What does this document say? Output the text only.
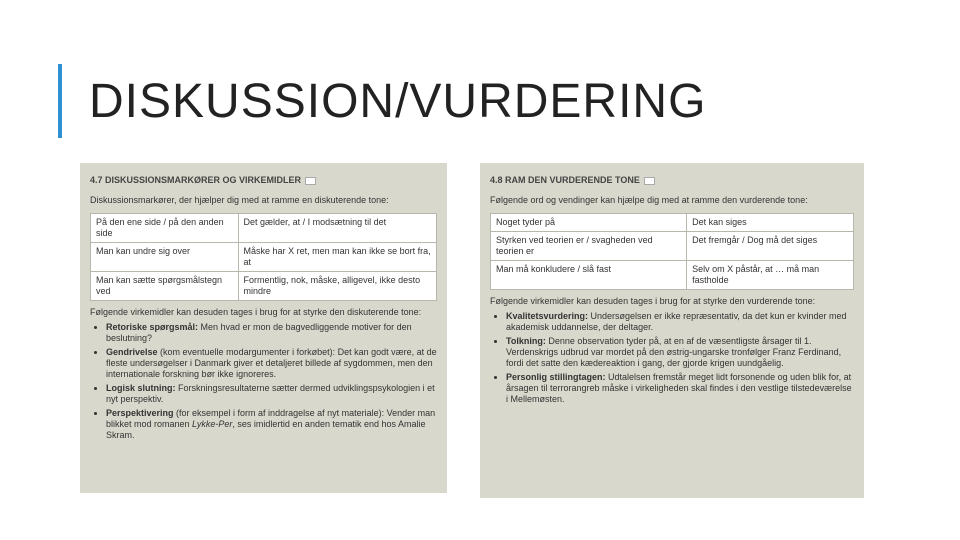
DISKUSSION/VURDERING
4.7 DISKUSSIONSMARKØRER OG VIRKEMIDLER
Diskussionsmarkører, der hjælper dig med at ramme en diskuterende tone:
På den ene side / på den anden side	Det gælder, at / I modsætning til det
Man kan undre sig over	Måske har X ret, men man kan ikke se bort fra, at
Man kan sætte spørgsmålstegn ved	Formentlig, nok, måske, alligevel, ikke desto mindre
Følgende virkemidler kan desuden tages i brug for at styrke den diskuterende tone:
• Retoriske spørgsmål: Men hvad er mon de bagvedliggende motiver for den beslutning?
• Gendrivelse (kom eventuelle modargumenter i forkøbet): Det kan godt være, at de fleste undersøgelser i Danmark giver et detaljeret billede af sygdommen, men den internationale forskning bør ikke ignoreres.
• Logisk slutning: Forskningsresultaterne sætter dermed udviklingspsykologien i et nyt perspektiv.
• Perspektivering (for eksempel i form af inddragelse af nyt materiale): Vender man blikket mod romanen Lykke-Per, ses imidlertid en anden tematik end hos Amalie Skram.
4.8 RAM DEN VURDERENDE TONE
Følgende ord og vendinger kan hjælpe dig med at ramme den vurderende tone:
Noget tyder på	Det kan siges
Styrken ved teorien er / svagheden ved teorien er	Det fremgår / Dog må det siges
Man må konkludere / slå fast	Selv om X påstår, at … må man fastholde
Følgende virkemidler kan desuden tages i brug for at styrke den vurderende tone:
• Kvalitetsvurdering: Undersøgelsen er ikke repræsentativ, da det kun er kvinder med akademisk uddannelse, der deltager.
• Tolkning: Denne observation tyder på, at en af de væsentligste årsager til 1. Verdenskrigs udbrud var mordet på den østrig-ungarske tronfølger Franz Ferdinand, fordi det satte den kædereaktion i gang, der gjorde krigen uundgåelig.
• Personlig stillingtagen: Udtalelsen fremstår meget lidt forsonende og uden blik for, at årsagen til terrorangreb måske i virkeligheden skal findes i den vestlige tilstedeværelse i Mellemøsten.
